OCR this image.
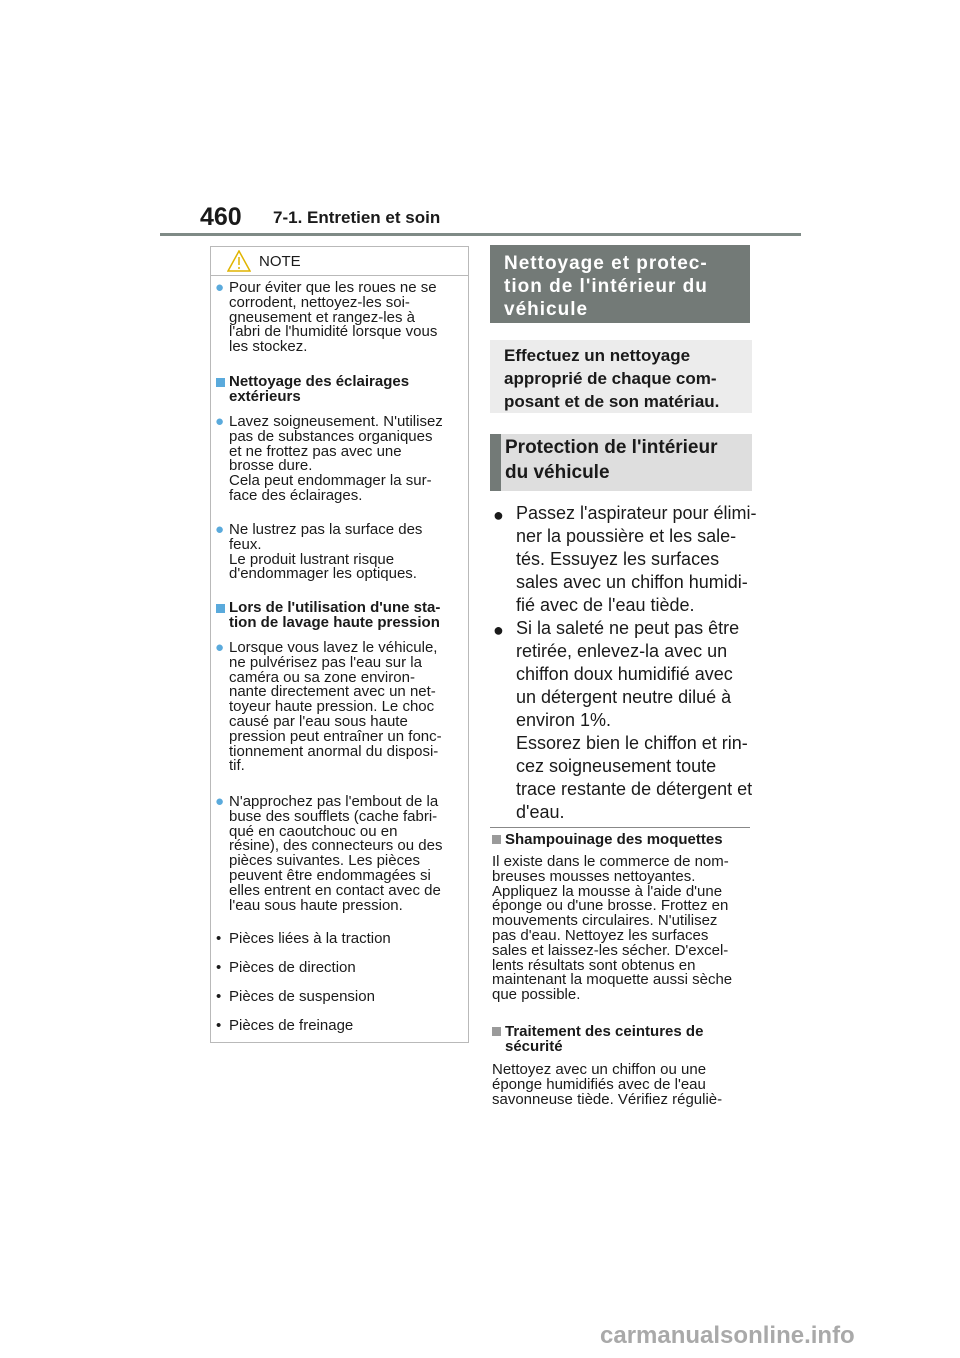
460 7-1. Entretien et soin
NOTE
● Pour éviter que les roues ne se
corrodent, nettoyez-les soi-
gneusement et rangez-les à
l'abri de l'humidité lorsque vous
les stockez.
Nettoyage des éclairages
extérieurs
● Lavez soigneusement. N'utilisez
pas de substances organiques
et ne frottez pas avec une
brosse dure.
Cela peut endommager la sur-
face des éclairages.
● Ne lustrez pas la surface des
feux.
Le produit lustrant risque
d'endommager les optiques.
Lors de l'utilisation d'une sta-
tion de lavage haute pression
● Lorsque vous lavez le véhicule,
ne pulvérisez pas l'eau sur la
caméra ou sa zone environ-
nante directement avec un net-
toyeur haute pression. Le choc
causé par l'eau sous haute
pression peut entraîner un fonc-
tionnement anormal du disposi-
tif.
● N'approchez pas l'embout de la
buse des soufflets (cache fabri-
qué en caoutchouc ou en
résine), des connecteurs ou des
pièces suivantes. Les pièces
peuvent être endommagées si
elles entrent en contact avec de
l'eau sous haute pression.
• Pièces liées à la traction
• Pièces de direction
• Pièces de suspension
• Pièces de freinage
Nettoyage et protec-
tion de l'intérieur du
véhicule
Effectuez un nettoyage
approprié de chaque com-
posant et de son matériau.
Protection de l'intérieur
du véhicule
● Passez l'aspirateur pour élimi-
ner la poussière et les sale-
tés. Essuyez les surfaces
sales avec un chiffon humidi-
fié avec de l'eau tiède.
● Si la saleté ne peut pas être
retirée, enlevez-la avec un
chiffon doux humidifié avec
un détergent neutre dilué à
environ 1%.
Essorez bien le chiffon et rin-
cez soigneusement toute
trace restante de détergent et
d'eau.
Shampouinage des moquettes
Il existe dans le commerce de nom-
breuses mousses nettoyantes.
Appliquez la mousse à l'aide d'une
éponge ou d'une brosse. Frottez en
mouvements circulaires. N'utilisez
pas d'eau. Nettoyez les surfaces
sales et laissez-les sécher. D'excel-
lents résultats sont obtenus en
maintenant la moquette aussi sèche
que possible.
Traitement des ceintures de
sécurité
Nettoyez avec un chiffon ou une
éponge humidifiés avec de l'eau
savonneuse tiède. Vérifiez réguliè-
carmanualsonline.info
